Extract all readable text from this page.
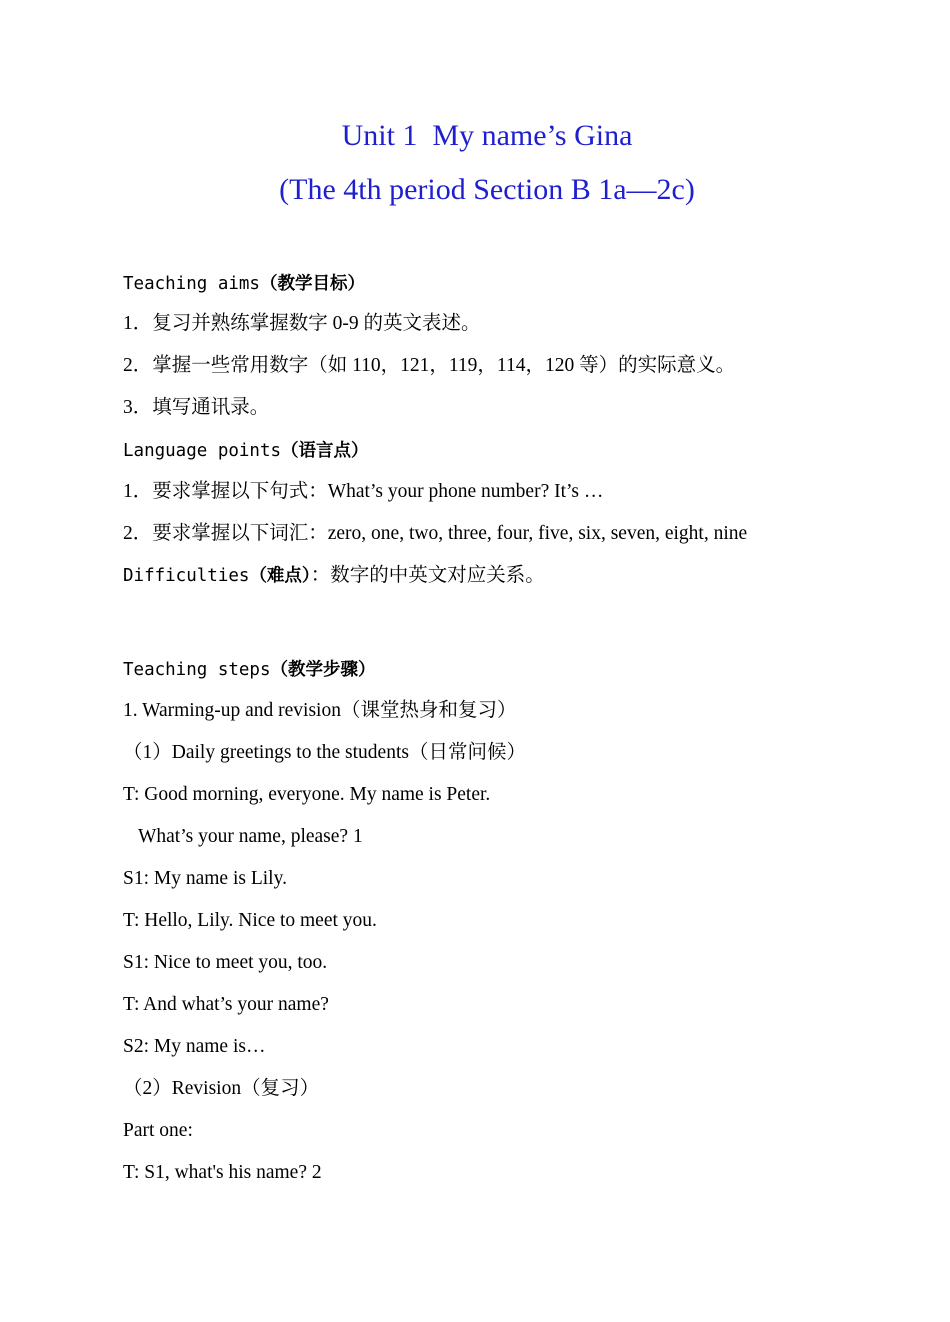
Unit 1  My name’s Gina
(The 4th period Section B 1a—2c)
Teaching aims（教学目标）
1．复习并熟练掌握数字 0-9 的英文表述。
2．掌握一些常用数字（如 110，121，119，114，120 等）的实际意义。
3．填写通讯录。
Language points（语言点）
1．要求掌握以下句式：What’s your phone number? It’s …
2．要求掌握以下词汇：zero, one, two, three, four, five, six, seven, eight, nine
Difficulties（难点）：数字的中英文对应关系。
Teaching steps（教学步骤）
1. Warming-up and revision（课堂热身和复习）
（1）Daily greetings to the students（日常问候）
T: Good morning, everyone. My name is Peter.
What’s your name, please? 1
S1: My name is Lily.
T: Hello, Lily. Nice to meet you.
S1: Nice to meet you, too.
T: And what’s your name?
S2: My name is…
（2）Revision（复习）
Part one:
T: S1, what's his name? 2
